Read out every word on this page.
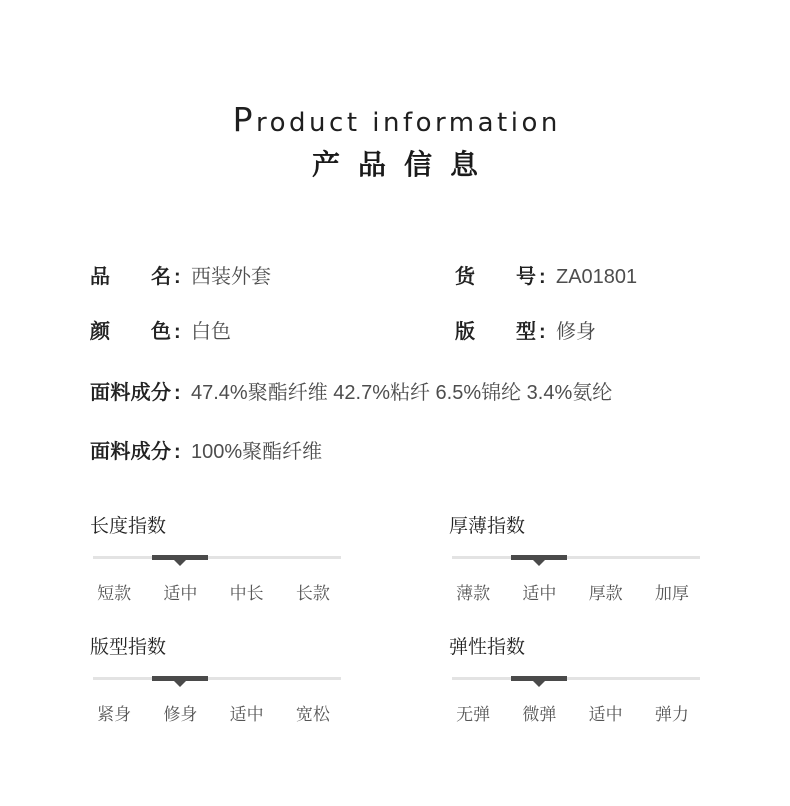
Product information
产品信息
品 名 : 西装外套	货 号 : ZA01801
颜 色 : 白色	版 型 : 修身
面料成分 : 47.4%聚酯纤维 42.7%粘纤 6.5%锦纶 3.4%氨纶
面料成分 : 100%聚酯纤维
长度指数
短款	适中	中长	长款
厚薄指数
薄款	适中	厚款	加厚
版型指数
紧身	修身	适中	宽松
弹性指数
无弹	微弹	适中	弹力
